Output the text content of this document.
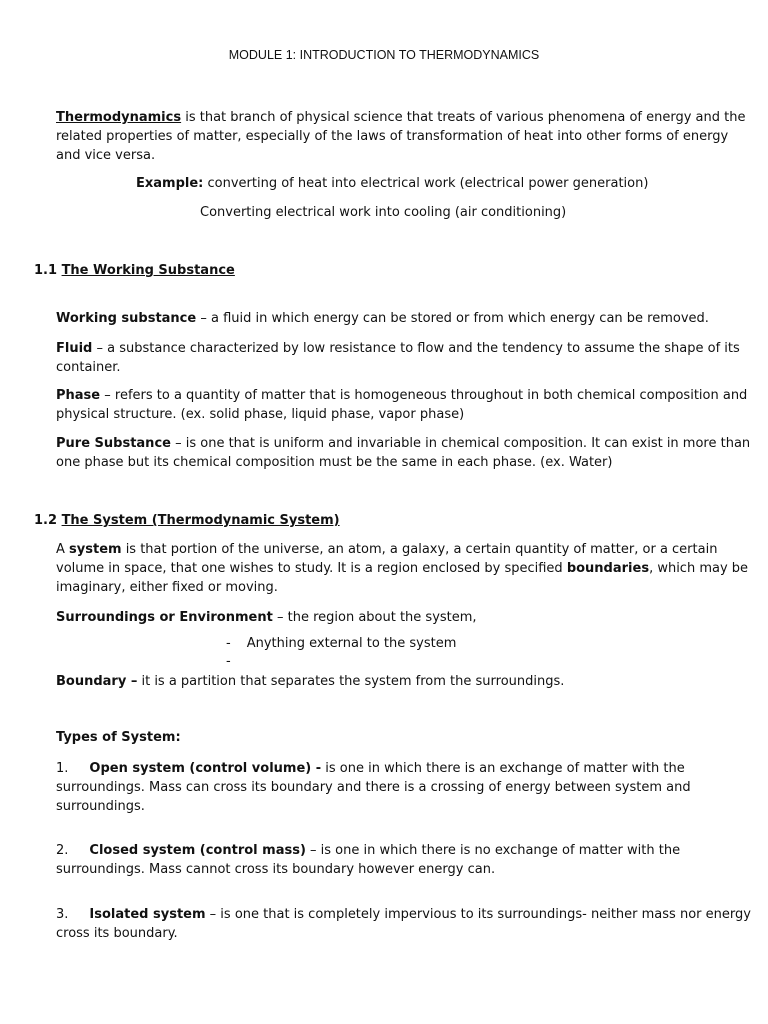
MODULE 1: INTRODUCTION TO THERMODYNAMICS
Thermodynamics is that branch of physical science that treats of various phenomena of energy and the related properties of matter, especially of the laws of transformation of heat into other forms of energy and vice versa.
Example: converting of heat into electrical work (electrical power generation)
Converting electrical work into cooling (air conditioning)
1.1 The Working Substance
Working substance – a fluid in which energy can be stored or from which energy can be removed.
Fluid – a substance characterized by low resistance to flow and the tendency to assume the shape of its container.
Phase – refers to a quantity of matter that is homogeneous throughout in both chemical composition and physical structure. (ex. solid phase, liquid phase, vapor phase)
Pure Substance – is one that is uniform and invariable in chemical composition. It can exist in more than one phase but its chemical composition must be the same in each phase. (ex. Water)
1.2 The System (Thermodynamic System)
A system is that portion of the universe, an atom, a galaxy, a certain quantity of matter, or a certain volume in space, that one wishes to study. It is a region enclosed by specified boundaries, which may be imaginary, either fixed or moving.
Surroundings or Environment – the region about the system,
- Anything external to the system
-
Boundary – it is a partition that separates the system from the surroundings.
Types of System:
1. Open system (control volume) - is one in which there is an exchange of matter with the surroundings. Mass can cross its boundary and there is a crossing of energy between system and surroundings.
2. Closed system (control mass) – is one in which there is no exchange of matter with the surroundings. Mass cannot cross its boundary however energy can.
3. Isolated system – is one that is completely impervious to its surroundings- neither mass nor energy cross its boundary.
